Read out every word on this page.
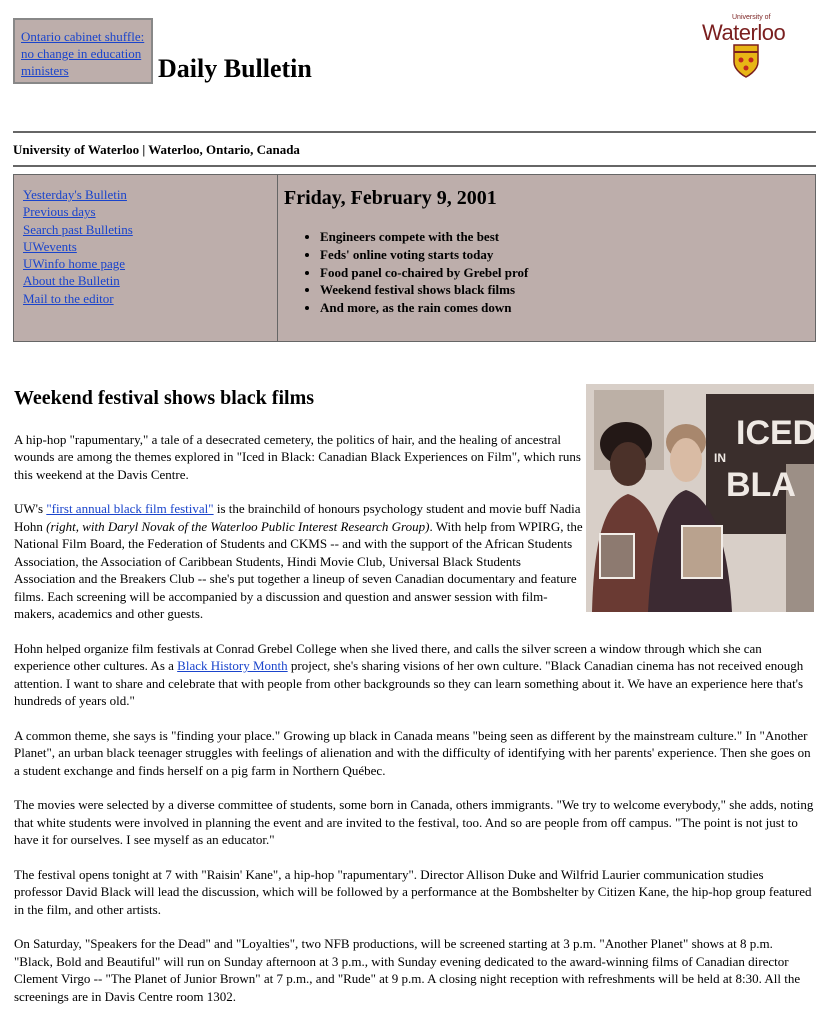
Ontario cabinet shuffle: no change in education ministers	Daily Bulletin
University of
Waterloo
University of Waterloo | Waterloo, Ontario, Canada
Yesterday's Bulletin
Previous days
Search past Bulletins
UWevents
UWinfo home page
About the Bulletin
Mail to the editor
Friday, February 9, 2001
• Engineers compete with the best
• Feds' online voting starts today
• Food panel co-chaired by Grebel prof
• Weekend festival shows black films
• And more, as the rain comes down
ICED
IN
BLA
Weekend festival shows black films

A hip-hop "rapumentary," a tale of a desecrated cemetery, the politics of hair, and the healing of ancestral wounds are among the themes explored in "Iced in Black: Canadian Black Experiences on Film", which runs this weekend at the Davis Centre.

UW's "first annual black film festival" is the brainchild of honours psychology student and movie buff Nadia Hohn (right, with Daryl Novak of the Waterloo Public Interest Research Group). With help from WPIRG, the National Film Board, the Federation of Students and CKMS -- and with the support of the African Students Association, the Association of Caribbean Students, Hindi Movie Club, Universal Black Students Association and the Breakers Club -- she's put together a lineup of seven Canadian documentary and feature films. Each screening will be accompanied by a discussion and question and answer session with film-makers, academics and other guests.

Hohn helped organize film festivals at Conrad Grebel College when she lived there, and calls the silver screen a window through which she can experience other cultures. As a Black History Month project, she's sharing visions of her own culture. "Black Canadian cinema has not received enough attention. I want to share and celebrate that with people from other backgrounds so they can learn something about it. We have an experience here that's hundreds of years old."

A common theme, she says is "finding your place." Growing up black in Canada means "being seen as different by the mainstream culture." In "Another Planet", an urban black teenager struggles with feelings of alienation and with the difficulty of identifying with her parents' experience. Then she goes on a student exchange and finds herself on a pig farm in Northern Québec.

The movies were selected by a diverse committee of students, some born in Canada, others immigrants. "We try to welcome everybody," she adds, noting that white students were involved in planning the event and are invited to the festival, too. And so are people from off campus. "The point is not just to have it for ourselves. I see myself as an educator."

The festival opens tonight at 7 with "Raisin' Kane", a hip-hop "rapumentary". Director Allison Duke and Wilfrid Laurier communication studies professor David Black will lead the discussion, which will be followed by a performance at the Bombshelter by Citizen Kane, the hip-hop group featured in the film, and other artists.

On Saturday, "Speakers for the Dead" and "Loyalties", two NFB productions, will be screened starting at 3 p.m. "Another Planet" shows at 8 p.m. "Black, Bold and Beautiful" will run on Sunday afternoon at 3 p.m., with Sunday evening dedicated to the award-winning films of Canadian director Clement Virgo -- "The Planet of Junior Brown" at 7 p.m., and "Rude" at 9 p.m. A closing night reception with refreshments will be held at 8:30. All the screenings are in Davis Centre room 1302.
